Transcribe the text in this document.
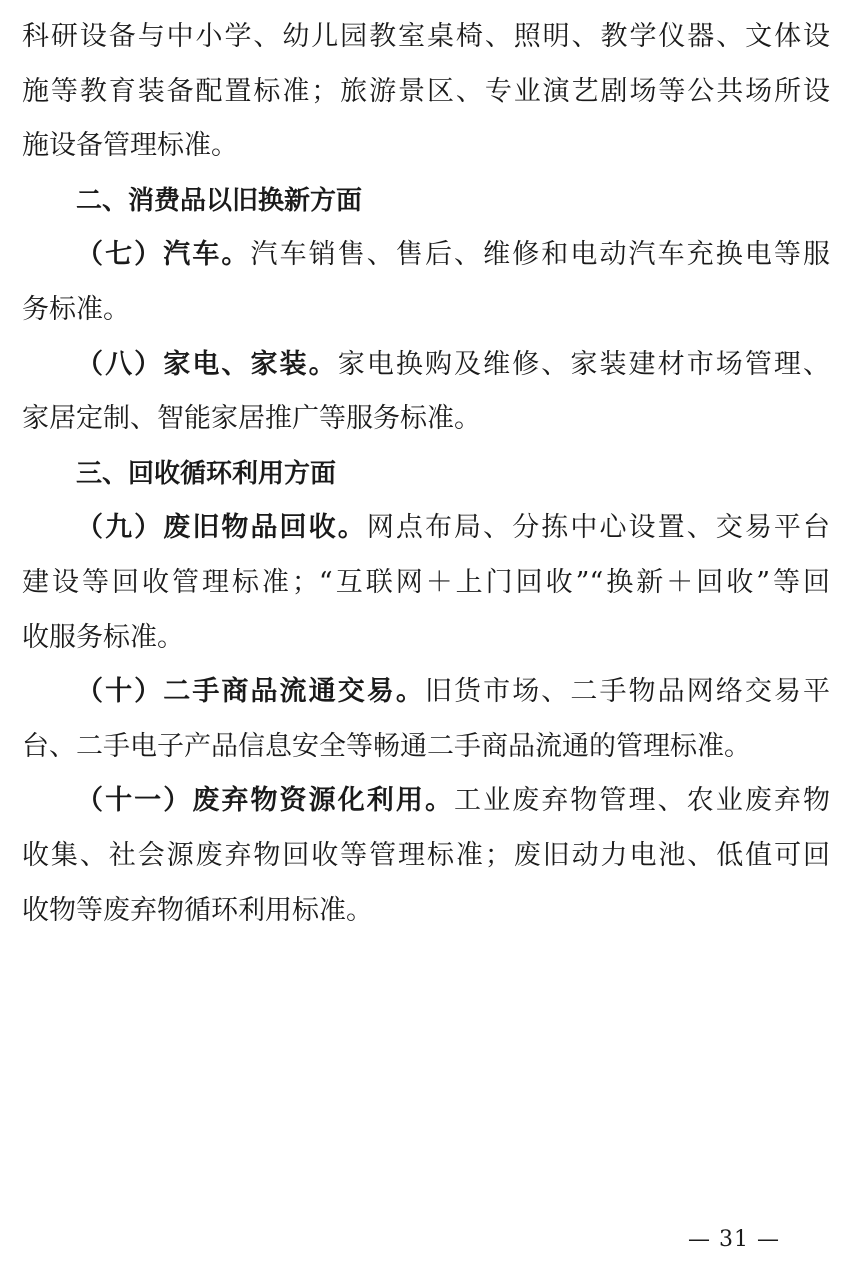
科研设备与中小学、幼儿园教室桌椅、照明、教学仪器、文体设
施等教育装备配置标准；旅游景区、专业演艺剧场等公共场所设
施设备管理标准。
二、消费品以旧换新方面
（七）汽车。汽车销售、售后、维修和电动汽车充换电等服
务标准。
（八）家电、家装。家电换购及维修、家装建材市场管理、
家居定制、智能家居推广等服务标准。
三、回收循环利用方面
（九）废旧物品回收。网点布局、分拣中心设置、交易平台
建设等回收管理标准；“互联网＋上门回收”“换新＋回收”等回
收服务标准。
（十）二手商品流通交易。旧货市场、二手物品网络交易平
台、二手电子产品信息安全等畅通二手商品流通的管理标准。
（十一）废弃物资源化利用。工业废弃物管理、农业废弃物
收集、社会源废弃物回收等管理标准；废旧动力电池、低值可回
收物等废弃物循环利用标准。
— 31 —
